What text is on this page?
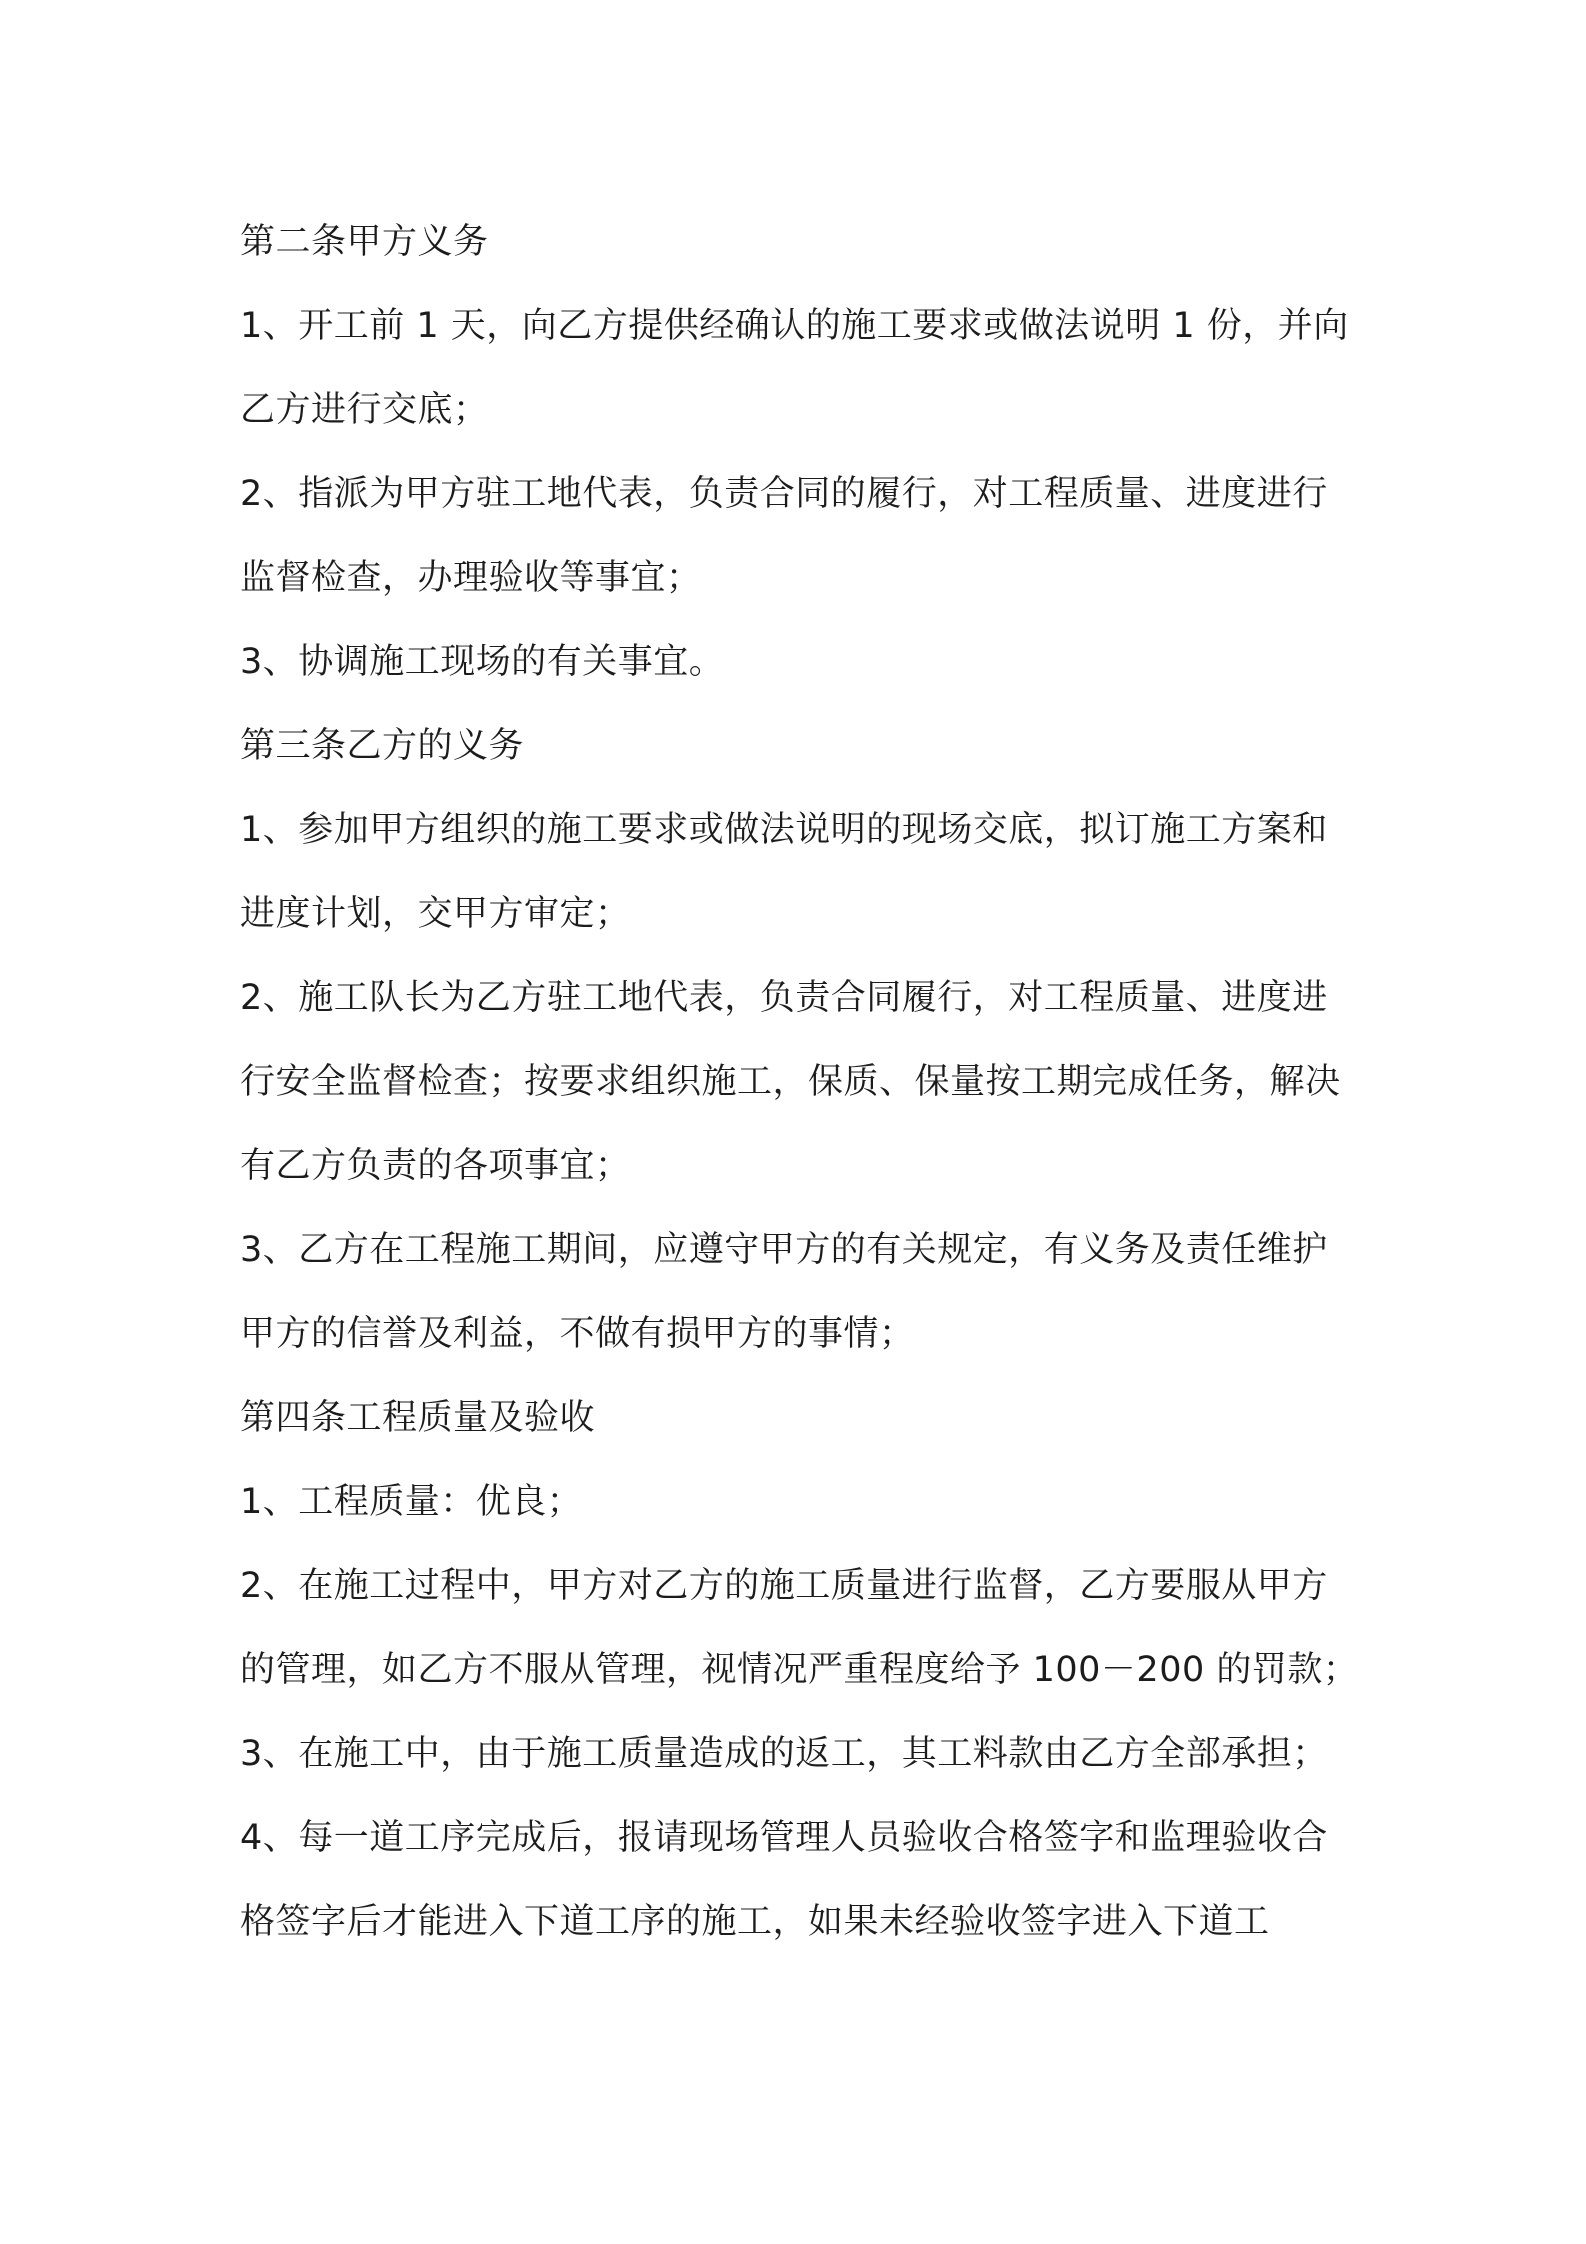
第二条甲方义务

1、开工前 1 天，向乙方提供经确认的施工要求或做法说明 1 份，并向乙方进行交底；

2、指派为甲方驻工地代表，负责合同的履行，对工程质量、进度进行监督检查，办理验收等事宜；

3、协调施工现场的有关事宜。

第三条乙方的义务

1、参加甲方组织的施工要求或做法说明的现场交底，拟订施工方案和进度计划，交甲方审定；

2、施工队长为乙方驻工地代表，负责合同履行，对工程质量、进度进行安全监督检查；按要求组织施工，保质、保量按工期完成任务，解决有乙方负责的各项事宜；

3、乙方在工程施工期间，应遵守甲方的有关规定，有义务及责任维护甲方的信誉及利益，不做有损甲方的事情；

第四条工程质量及验收

1、工程质量：优良；

2、在施工过程中，甲方对乙方的施工质量进行监督，乙方要服从甲方的管理，如乙方不服从管理，视情况严重程度给予 100－200 的罚款；

3、在施工中，由于施工质量造成的返工，其工料款由乙方全部承担；

4、每一道工序完成后，报请现场管理人员验收合格签字和监理验收合格签字后才能进入下道工序的施工，如果未经验收签字进入下道工
